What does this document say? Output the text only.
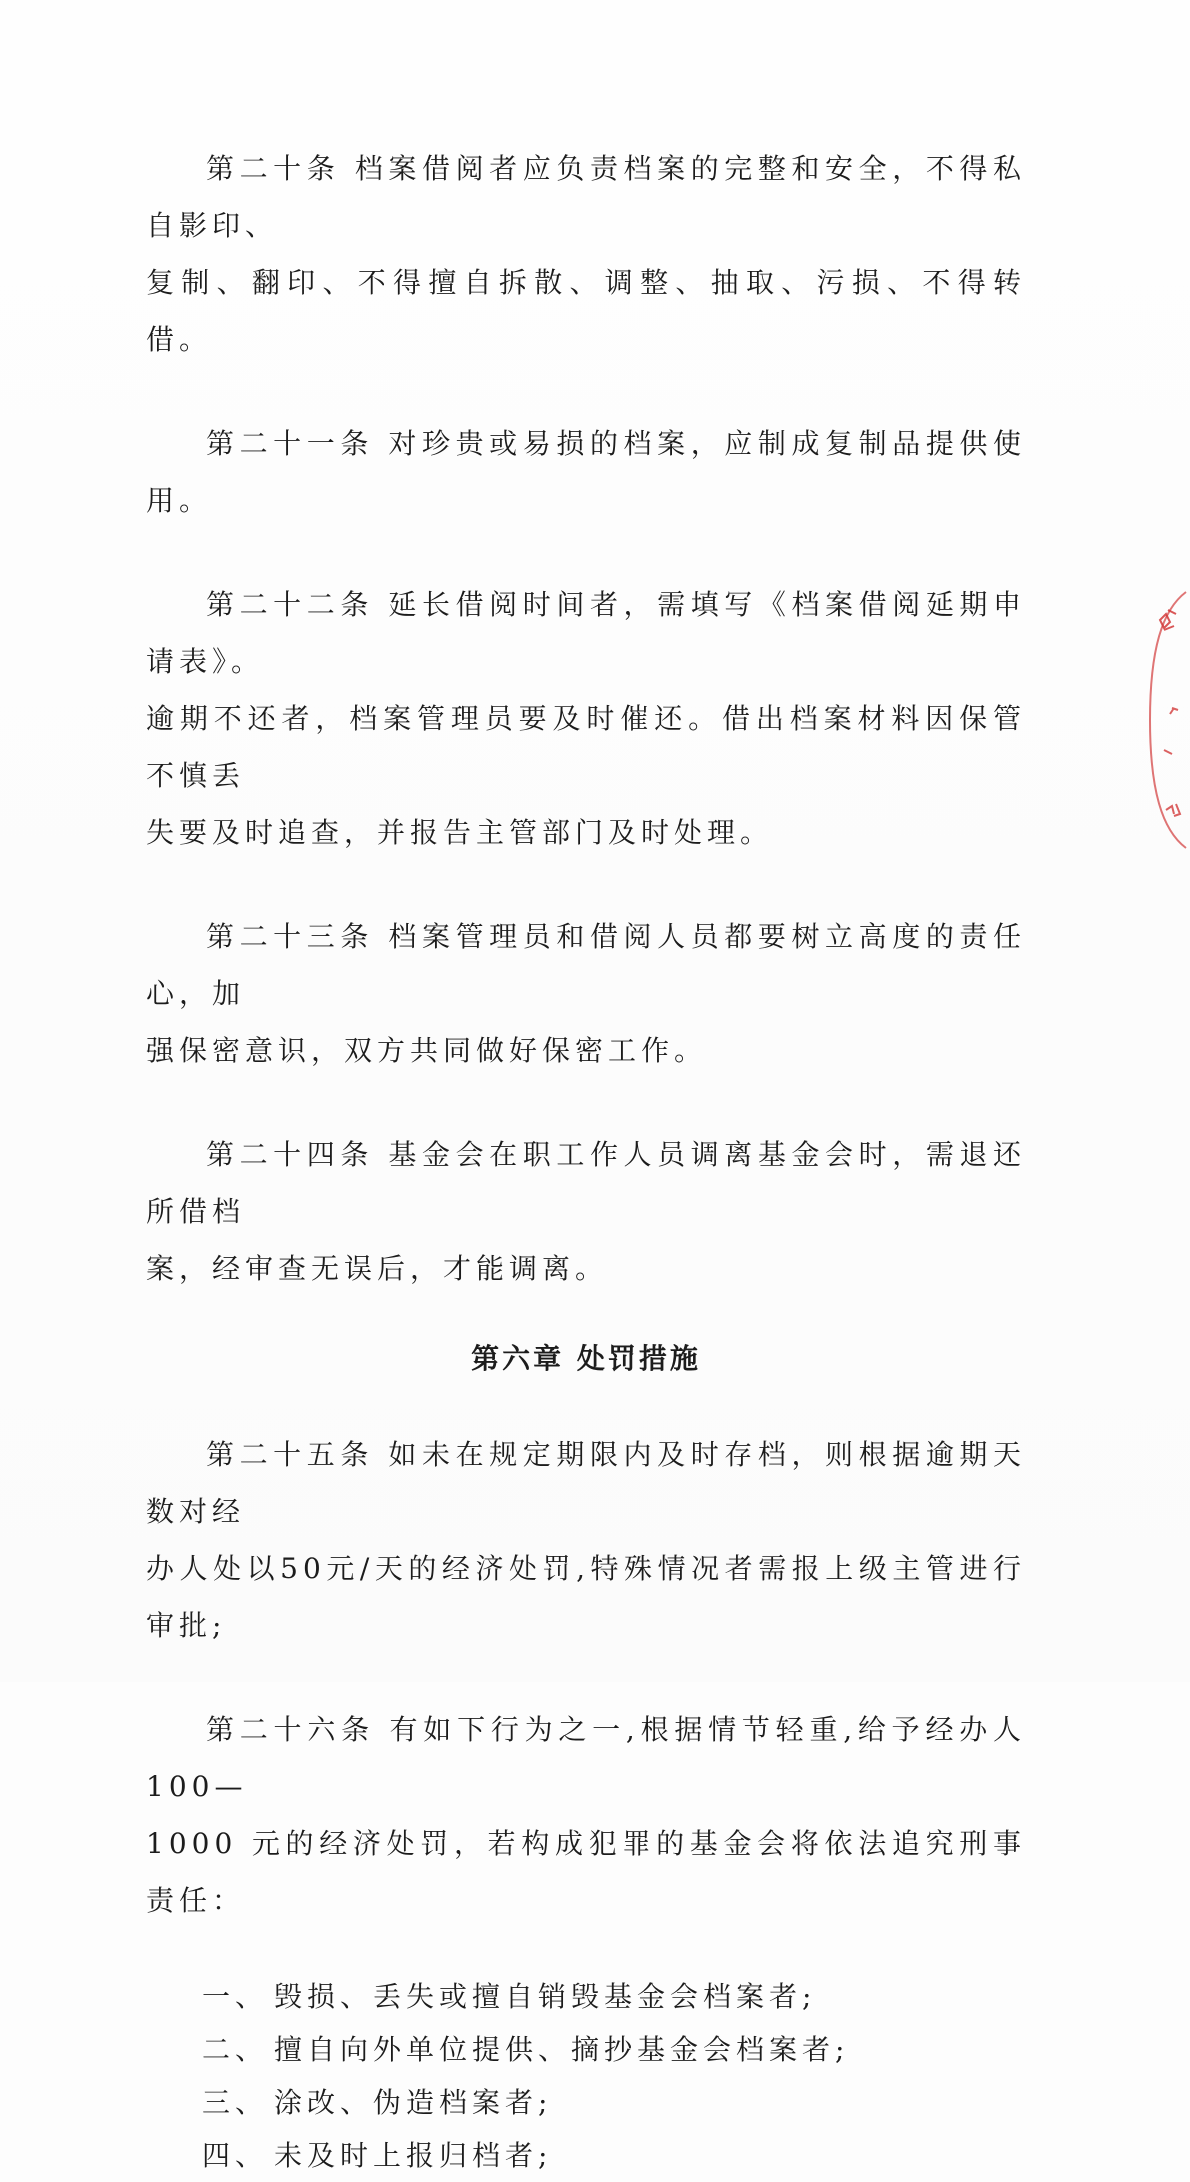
第二十条 档案借阅者应负责档案的完整和安全，不得私自影印、
复制、翻印、不得擅自拆散、调整、抽取、污损、不得转借。
第二十一条 对珍贵或易损的档案，应制成复制品提供使用。
第二十二条 延长借阅时间者，需填写《档案借阅延期申请表》。
逾期不还者，档案管理员要及时催还。借出档案材料因保管不慎丢
失要及时追查，并报告主管部门及时处理。
第二十三条 档案管理员和借阅人员都要树立高度的责任心，加
强保密意识，双方共同做好保密工作。
第二十四条 基金会在职工作人员调离基金会时，需退还所借档
案，经审查无误后，才能调离。
第六章 处罚措施
第二十五条 如未在规定期限内及时存档，则根据逾期天数对经
办人处以50元/天的经济处罚,特殊情况者需报上级主管进行审批;
第二十六条 有如下行为之一,根据情节轻重,给予经办人 100—
1000 元的经济处罚，若构成犯罪的基金会将依法追究刑事责任：
一、 毁损、丢失或擅自销毁基金会档案者;
二、 擅自向外单位提供、摘抄基金会档案者;
三、 涂改、伪造档案者;
四、 未及时上报归档者;
